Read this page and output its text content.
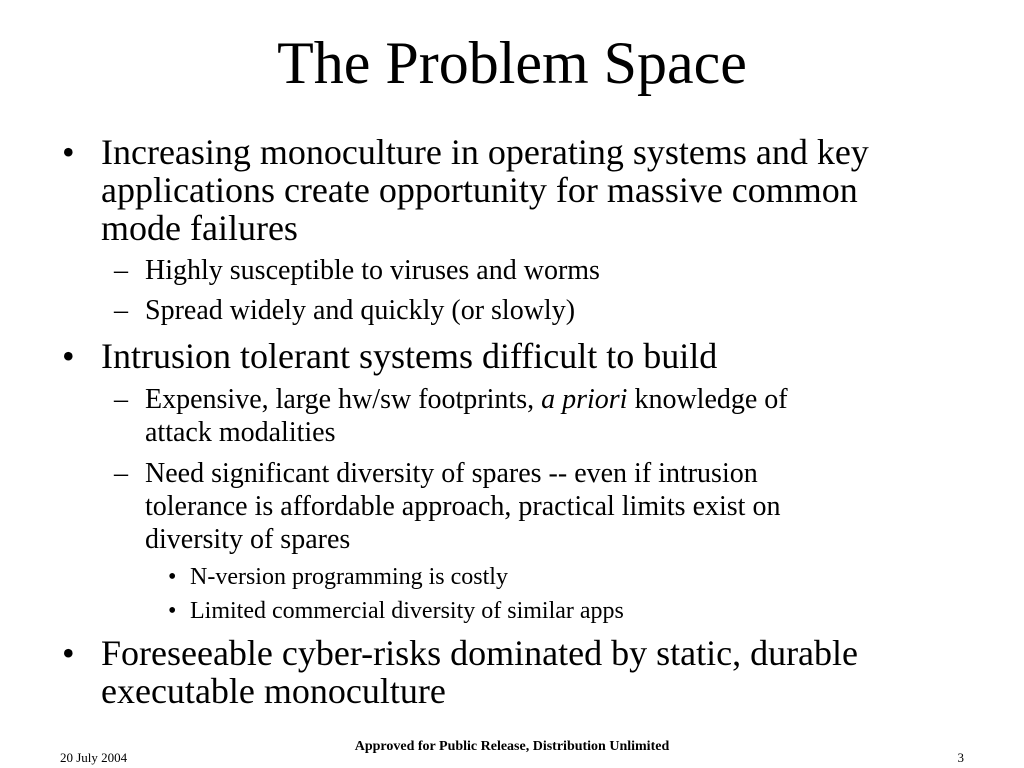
The Problem Space
• Increasing monoculture in operating systems and key
applications create opportunity for massive common
mode failures
– Highly susceptible to viruses and worms
– Spread widely and quickly (or slowly)
• Intrusion tolerant systems difficult to build
– Expensive, large hw/sw footprints, a priori knowledge of
attack modalities
– Need significant diversity of spares -- even if intrusion
tolerance is affordable approach, practical limits exist on
diversity of spares
• N-version programming is costly
• Limited commercial diversity of similar apps
• Foreseeable cyber-risks dominated by static, durable
executable monoculture
20 July 2004
Approved for Public Release, Distribution Unlimited
3
